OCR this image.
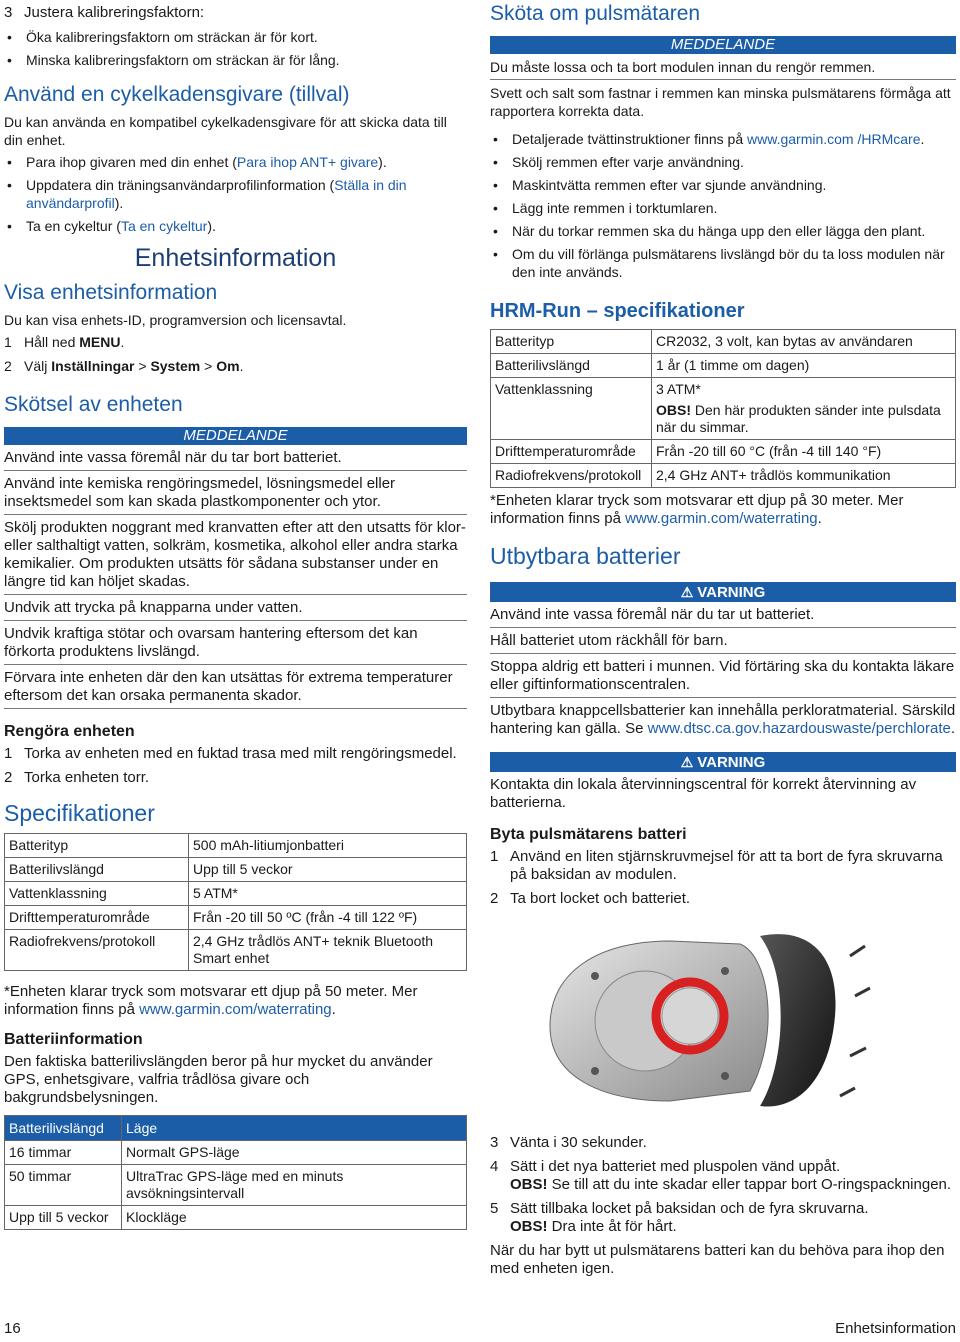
3 Justera kalibreringsfaktorn:
• Öka kalibreringsfaktorn om sträckan är för kort.
• Minska kalibreringsfaktorn om sträckan är för lång.
Använd en cykelkadensgivare (tillval)

Du kan använda en kompatibel cykelkadensgivare för att skicka data till din enhet.

• Para ihop givaren med din enhet (Para ihop ANT+ givare).
• Uppdatera din träningsanvändarprofilinformation (Ställa in din användarprofil).
• Ta en cykeltur (Ta en cykeltur).
Enhetsinformation
Visa enhetsinformation

Du kan visa enhets-ID, programversion och licensavtal.

1 Håll ned MENU.
2 Välj Inställningar > System > Om.
Skötsel av enheten
MEDDELANDE

Använd inte vassa föremål när du tar bort batteriet.

Använd inte kemiska rengöringsmedel, lösningsmedel eller insektsmedel som kan skada plastkomponenter och ytor.

Skölj produkten noggrant med kranvatten efter att den utsatts för klor- eller salthaltigt vatten, solkräm, kosmetika, alkohol eller andra starka kemikalier. Om produkten utsätts för sådana substanser under en längre tid kan höljet skadas.

Undvik att trycka på knapparna under vatten.

Undvik kraftiga stötar och ovarsam hantering eftersom det kan förkorta produktens livslängd.

Förvara inte enheten där den kan utsättas för extrema temperaturer eftersom det kan orsaka permanenta skador.

Rengöra enheten
1 Torka av enheten med en fuktad trasa med milt rengöringsmedel.
2 Torka enheten torr.
Specifikationer
Batterityp	500 mAh-litiumjonbatteri
Batterilivslängd	Upp till 5 veckor
Vattenklassning	5 ATM*
Drifttemperaturområde	Från -20 till 50 ºC (från -4 till 122 ºF)
Radiofrekvens/protokoll	2,4 GHz trådlös ANT+ teknik Bluetooth Smart enhet

*Enheten klarar tryck som motsvarar ett djup på 50 meter. Mer information finns på www.garmin.com/waterrating.

Batteriinformation

Den faktiska batterilivslängden beror på hur mycket du använder GPS, enhetsgivare, valfria trådlösa givare och bakgrundsbelysningen.

Batterilivslängd	Läge
16 timmar	Normalt GPS-läge
50 timmar	UltraTrac GPS-läge med en minuts avsökningsintervall
Upp till 5 veckor	Klockläge
Sköta om pulsmätaren
MEDDELANDE

Du måste lossa och ta bort modulen innan du rengör remmen.

Svett och salt som fastnar i remmen kan minska pulsmätarens förmåga att rapportera korrekta data.

• Detaljerade tvättinstruktioner finns på www.garmin.com /HRMcare.
• Skölj remmen efter varje användning.
• Maskintvätta remmen efter var sjunde användning.
• Lägg inte remmen i torktumlaren.
• När du torkar remmen ska du hänga upp den eller lägga den plant.
• Om du vill förlänga pulsmätarens livslängd bör du ta loss modulen när den inte används.
HRM-Run – specifikationer
Batterityp	CR2032, 3 volt, kan bytas av användaren
Batterilivslängd	1 år (1 timme om dagen)
Vattenklassning	3 ATM*
OBS! Den här produkten sänder inte pulsdata när du simmar.

Drifttemperaturområde	Från -20 till 60 °C (från -4 till 140 °F)
Radiofrekvens/protokoll	2,4 GHz ANT+ trådlös kommunikation

*Enheten klarar tryck som motsvarar ett djup på 30 meter. Mer information finns på www.garmin.com/waterrating.

Utbytbara batterier
⚠ VARNING

Använd inte vassa föremål när du tar ut batteriet.

Håll batteriet utom räckhåll för barn.

Stoppa aldrig ett batteri i munnen. Vid förtäring ska du kontakta läkare eller giftinformationscentralen.

Utbytbara knappcellsbatterier kan innehålla perkloratmaterial. Särskild hantering kan gälla. Se www.dtsc.ca.gov.hazardouswaste/perchlorate.

⚠ VARNING

Kontakta din lokala återvinningscentral för korrekt återvinning av batterierna.

Byta pulsmätarens batteri
1 Använd en liten stjärnskruvmejsel för att ta bort de fyra skruvarna på baksidan av modulen.
2 Ta bort locket och batteriet.
3 Vänta i 30 sekunder.
4 Sätt i det nya batteriet med pluspolen vänd uppåt.
OBS! Se till att du inte skadar eller tappar bort O-ringspackningen.
5 Sätt tillbaka locket på baksidan och de fyra skruvarna.
OBS! Dra inte åt för hårt.

När du har bytt ut pulsmätarens batteri kan du behöva para ihop den med enheten igen.

16	Enhetsinformation
